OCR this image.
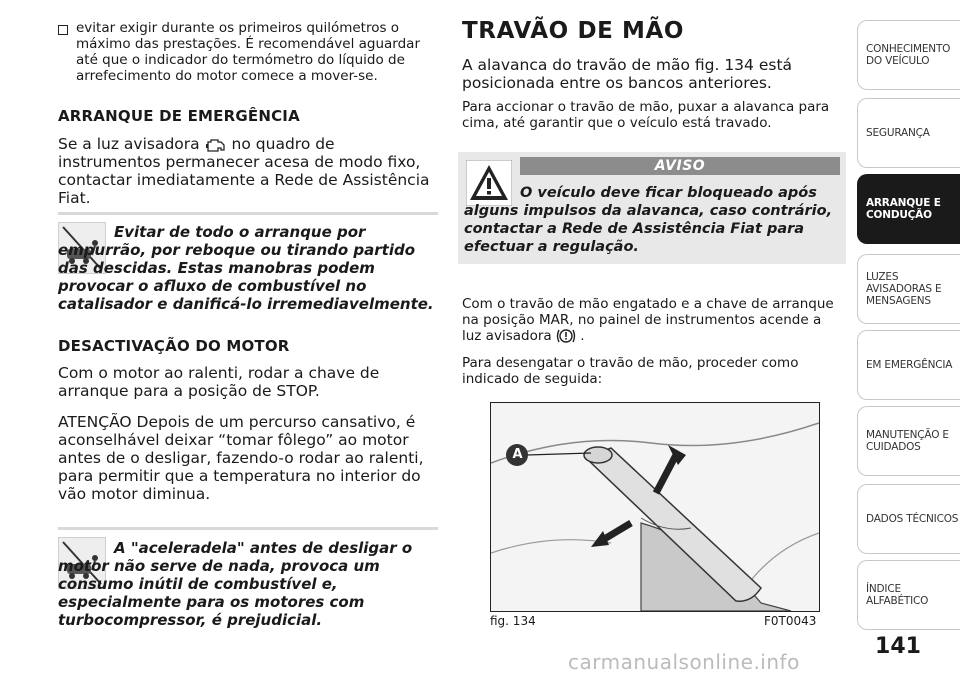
evitar exigir durante os primeiros quilómetros o máximo das prestações. É recomendável aguardar até que o indicador do termómetro do líquido de arrefecimento do motor comece a mover-se.
ARRANQUE DE EMERGÊNCIA
Se a luz avisadora no quadro de instrumentos permanecer acesa de modo fixo, contactar imediatamente a Rede de Assistência Fiat.
Evitar de todo o arranque por empurrão, por reboque ou tirando partido das descidas. Estas manobras podem provocar o afluxo de combustível no catalisador e danificá-lo irremediavelmente.
DESACTIVAÇÃO DO MOTOR
Com o motor ao ralenti, rodar a chave de arranque para a posição de STOP.
ATENÇÃO Depois de um percurso cansativo, é aconselhável deixar “tomar fôlego” ao motor antes de o desligar, fazendo-o rodar ao ralenti, para permitir que a temperatura no interior do vão motor diminua.
A "aceleradela" antes de desligar o motor não serve de nada, provoca um consumo inútil de combustível e, especialmente para os motores com turbocompressor, é prejudicial.
TRAVÃO DE MÃO
A alavanca do travão de mão fig. 134 está posicionada entre os bancos anteriores.
Para accionar o travão de mão, puxar a alavanca para cima, até garantir que o veículo está travado.
AVISO
O veículo deve ficar bloqueado após alguns impulsos da alavanca, caso contrário, contactar a Rede de Assistência Fiat para efectuar a regulação.
Com o travão de mão engatado e a chave de arranque na posição MAR, no painel de instrumentos acende a luz avisadora .
Para desengatar o travão de mão, proceder como indicado de seguida:
A
fig. 134	F0T0043
CONHECIMENTO DO VEÍCULO
SEGURANÇA
ARRANQUE E CONDUÇÃO
LUZES AVISADORAS E MENSAGENS
EM EMERGÊNCIA
MANUTENÇÃO E CUIDADOS
DADOS TÉCNICOS
ÍNDICE ALFABÉTICO
141
carmanualsonline.info
